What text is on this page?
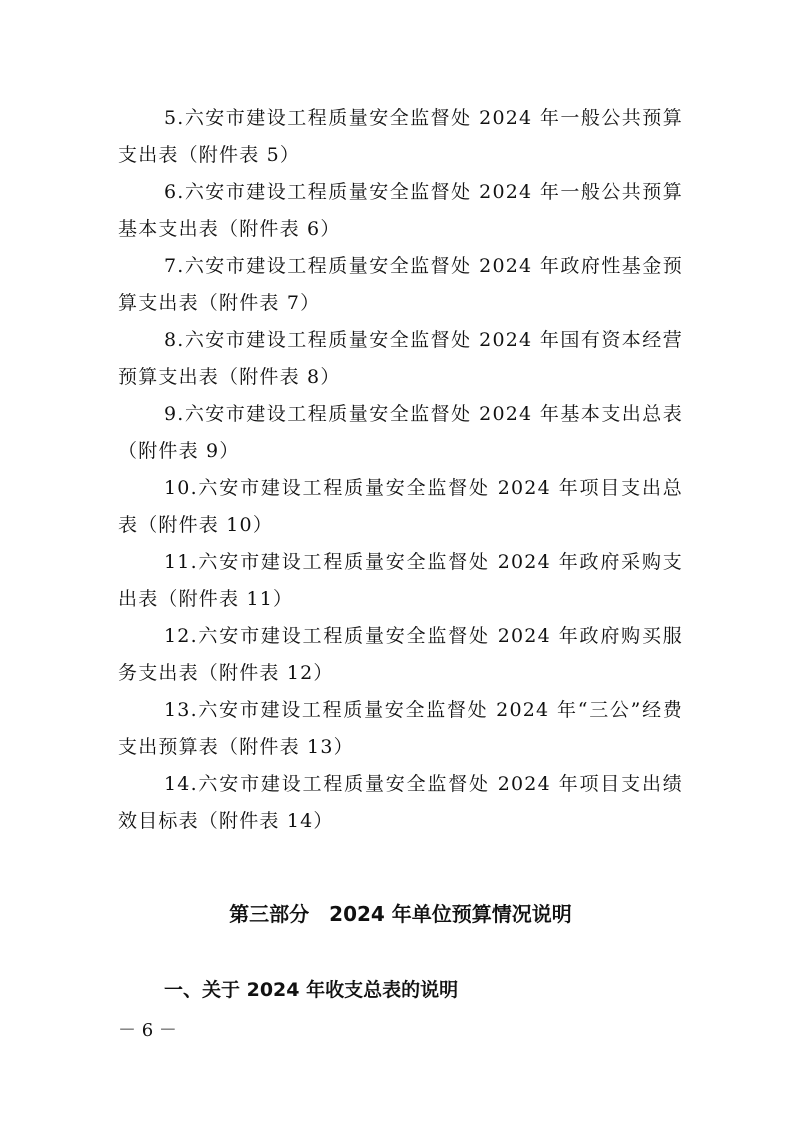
5.六安市建设工程质量安全监督处 2024 年一般公共预算支出表（附件表 5）

6.六安市建设工程质量安全监督处 2024 年一般公共预算基本支出表（附件表 6）

7.六安市建设工程质量安全监督处 2024 年政府性基金预算支出表（附件表 7）

8.六安市建设工程质量安全监督处 2024 年国有资本经营预算支出表（附件表 8）

9.六安市建设工程质量安全监督处 2024 年基本支出总表（附件表 9）

10.六安市建设工程质量安全监督处 2024 年项目支出总表（附件表 10）

11.六安市建设工程质量安全监督处 2024 年政府采购支出表（附件表 11）

12.六安市建设工程质量安全监督处 2024 年政府购买服务支出表（附件表 12）

13.六安市建设工程质量安全监督处 2024 年“三公”经费支出预算表（附件表 13）

14.六安市建设工程质量安全监督处 2024 年项目支出绩效目标表（附件表 14）

第三部分　2024 年单位预算情况说明
一、关于 2024 年收支总表的说明
－ 6 －
